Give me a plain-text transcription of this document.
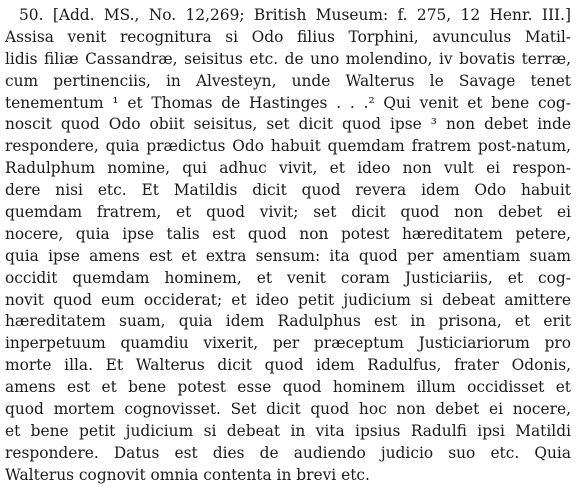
50. [Add. MS., No. 12,269; British Museum: f. 275, 12 Henr. III.]
Assisa venit recognitura si Odo filius Torphini, avunculus Matil-
lidis filiæ Cassandræ, seisitus etc. de uno molendino, iv bovatis terræ,
cum pertinenciis, in Alvesteyn, unde Walterus le Savage tenet
tenementum ¹ et Thomas de Hastinges . . .² Qui venit et bene cog-
noscit quod Odo obiit seisitus, set dicit quod ipse ³ non debet inde
respondere, quia prædictus Odo habuit quemdam fratrem post-natum,
Radulphum nomine, qui adhuc vivit, et ideo non vult ei respon-
dere nisi etc. Et Matildis dicit quod revera idem Odo habuit
quemdam fratrem, et quod vivit; set dicit quod non debet ei
nocere, quia ipse talis est quod non potest hæreditatem petere,
quia ipse amens est et extra sensum: ita quod per amentiam suam
occidit quemdam hominem, et venit coram Justiciariis, et cog-
novit quod eum occiderat; et ideo petit judicium si debeat amittere
hæreditatem suam, quia idem Radulphus est in prisona, et erit
inperpetuum quamdiu vixerit, per præceptum Justiciariorum pro
morte illa. Et Walterus dicit quod idem Radulfus, frater Odonis,
amens est et bene potest esse quod hominem illum occidisset et
quod mortem cognovisset. Set dicit quod hoc non debet ei nocere,
et bene petit judicium si debeat in vita ipsius Radulfi ipsi Matildi
respondere. Datus est dies de audiendo judicio suo etc. Quia
Walterus cognovit omnia contenta in brevi etc.
